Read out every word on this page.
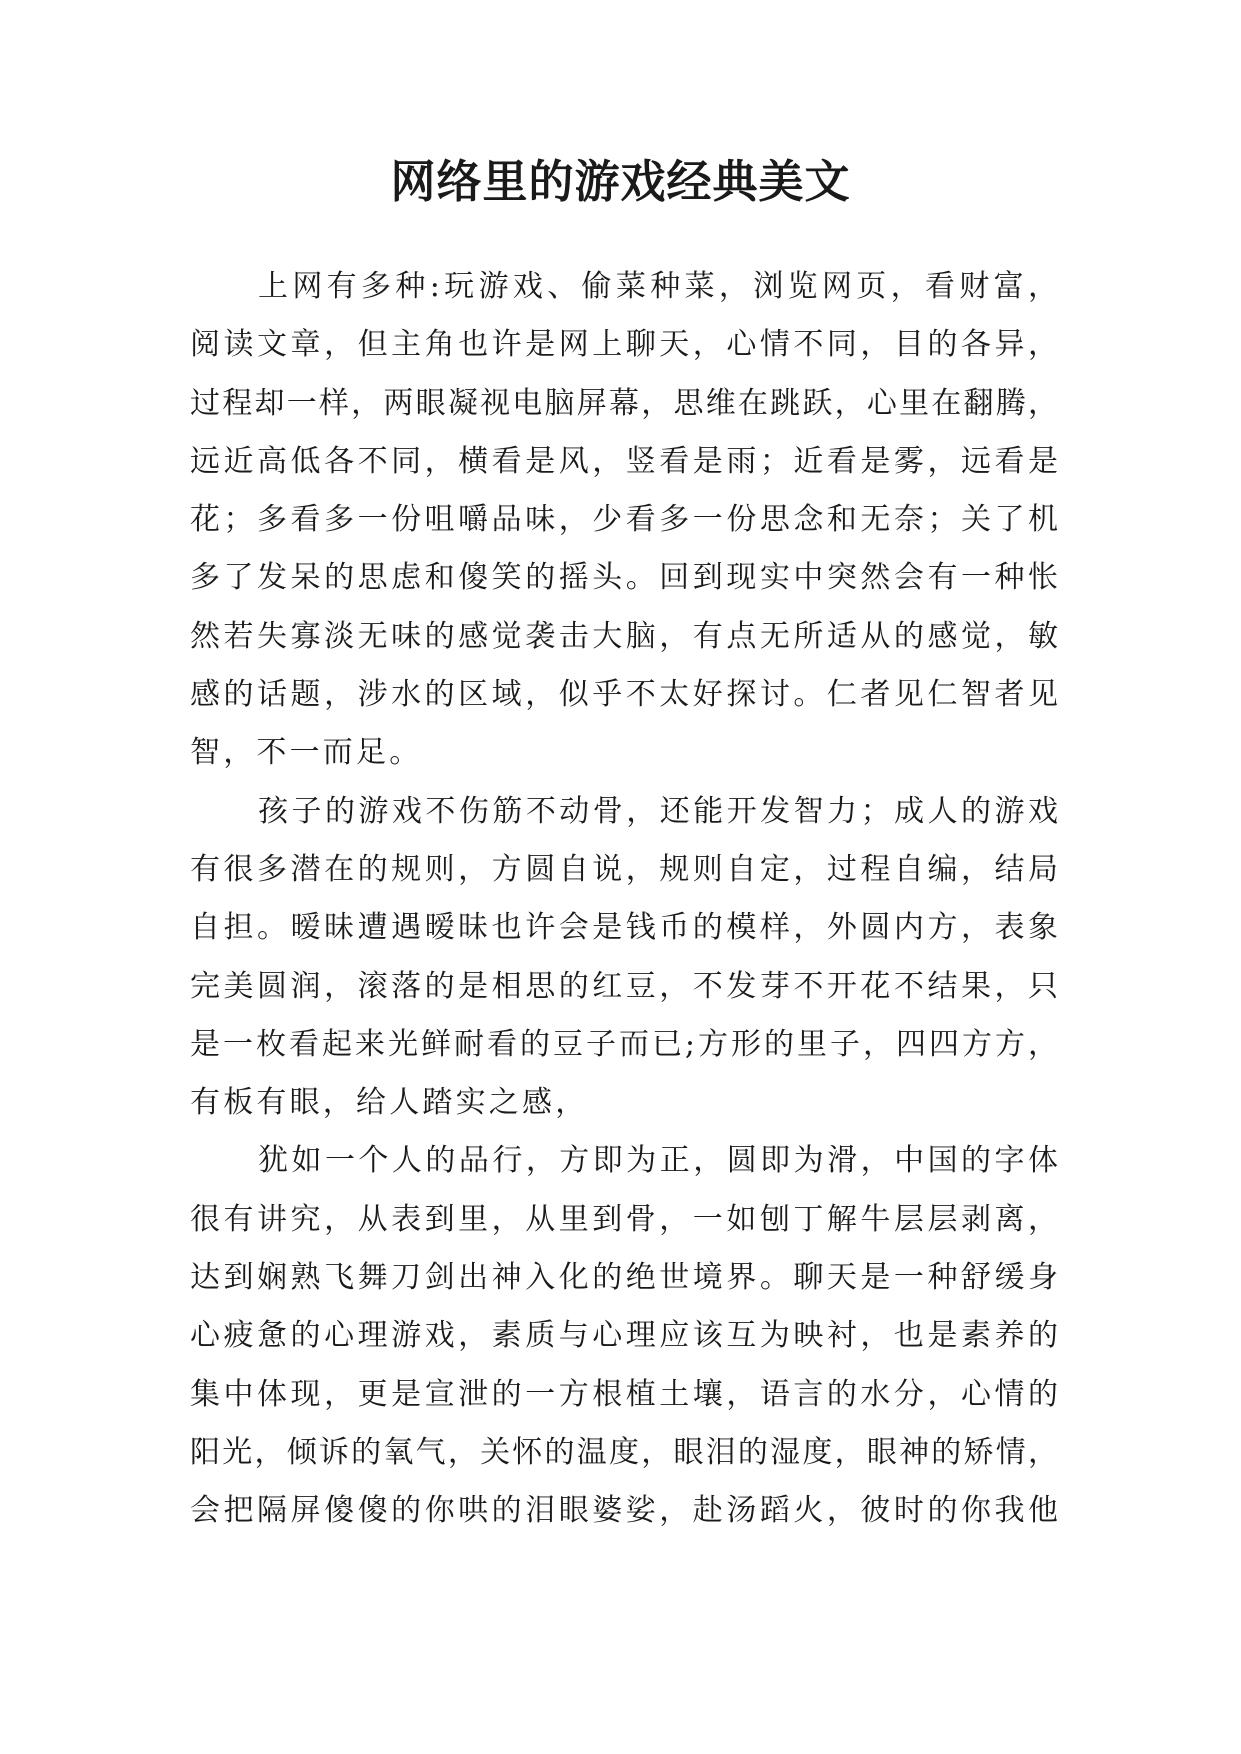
网络里的游戏经典美文
上网有多种:玩游戏、偷菜种菜，浏览网页，看财富，
阅读文章，但主角也许是网上聊天，心情不同，目的各异，
过程却一样，两眼凝视电脑屏幕，思维在跳跃，心里在翻腾，
远近高低各不同，横看是风，竖看是雨；近看是雾，远看是
花；多看多一份咀嚼品味，少看多一份思念和无奈；关了机
多了发呆的思虑和傻笑的摇头。回到现实中突然会有一种怅
然若失寡淡无味的感觉袭击大脑，有点无所适从的感觉，敏
感的话题，涉水的区域，似乎不太好探讨。仁者见仁智者见
智，不一而足。
孩子的游戏不伤筋不动骨，还能开发智力；成人的游戏
有很多潜在的规则，方圆自说，规则自定，过程自编，结局
自担。暧昧遭遇暧昧也许会是钱币的模样，外圆内方，表象
完美圆润，滚落的是相思的红豆，不发芽不开花不结果，只
是一枚看起来光鲜耐看的豆子而已;方形的里子，四四方方，
有板有眼，给人踏实之感，
犹如一个人的品行，方即为正，圆即为滑，中国的字体
很有讲究，从表到里，从里到骨，一如刨丁解牛层层剥离，
达到娴熟飞舞刀剑出神入化的绝世境界。聊天是一种舒缓身
心疲惫的心理游戏，素质与心理应该互为映衬，也是素养的
集中体现，更是宣泄的一方根植土壤，语言的水分，心情的
阳光，倾诉的氧气，关怀的温度，眼泪的湿度，眼神的矫情，
会把隔屏傻傻的你哄的泪眼婆娑，赴汤蹈火，彼时的你我他
